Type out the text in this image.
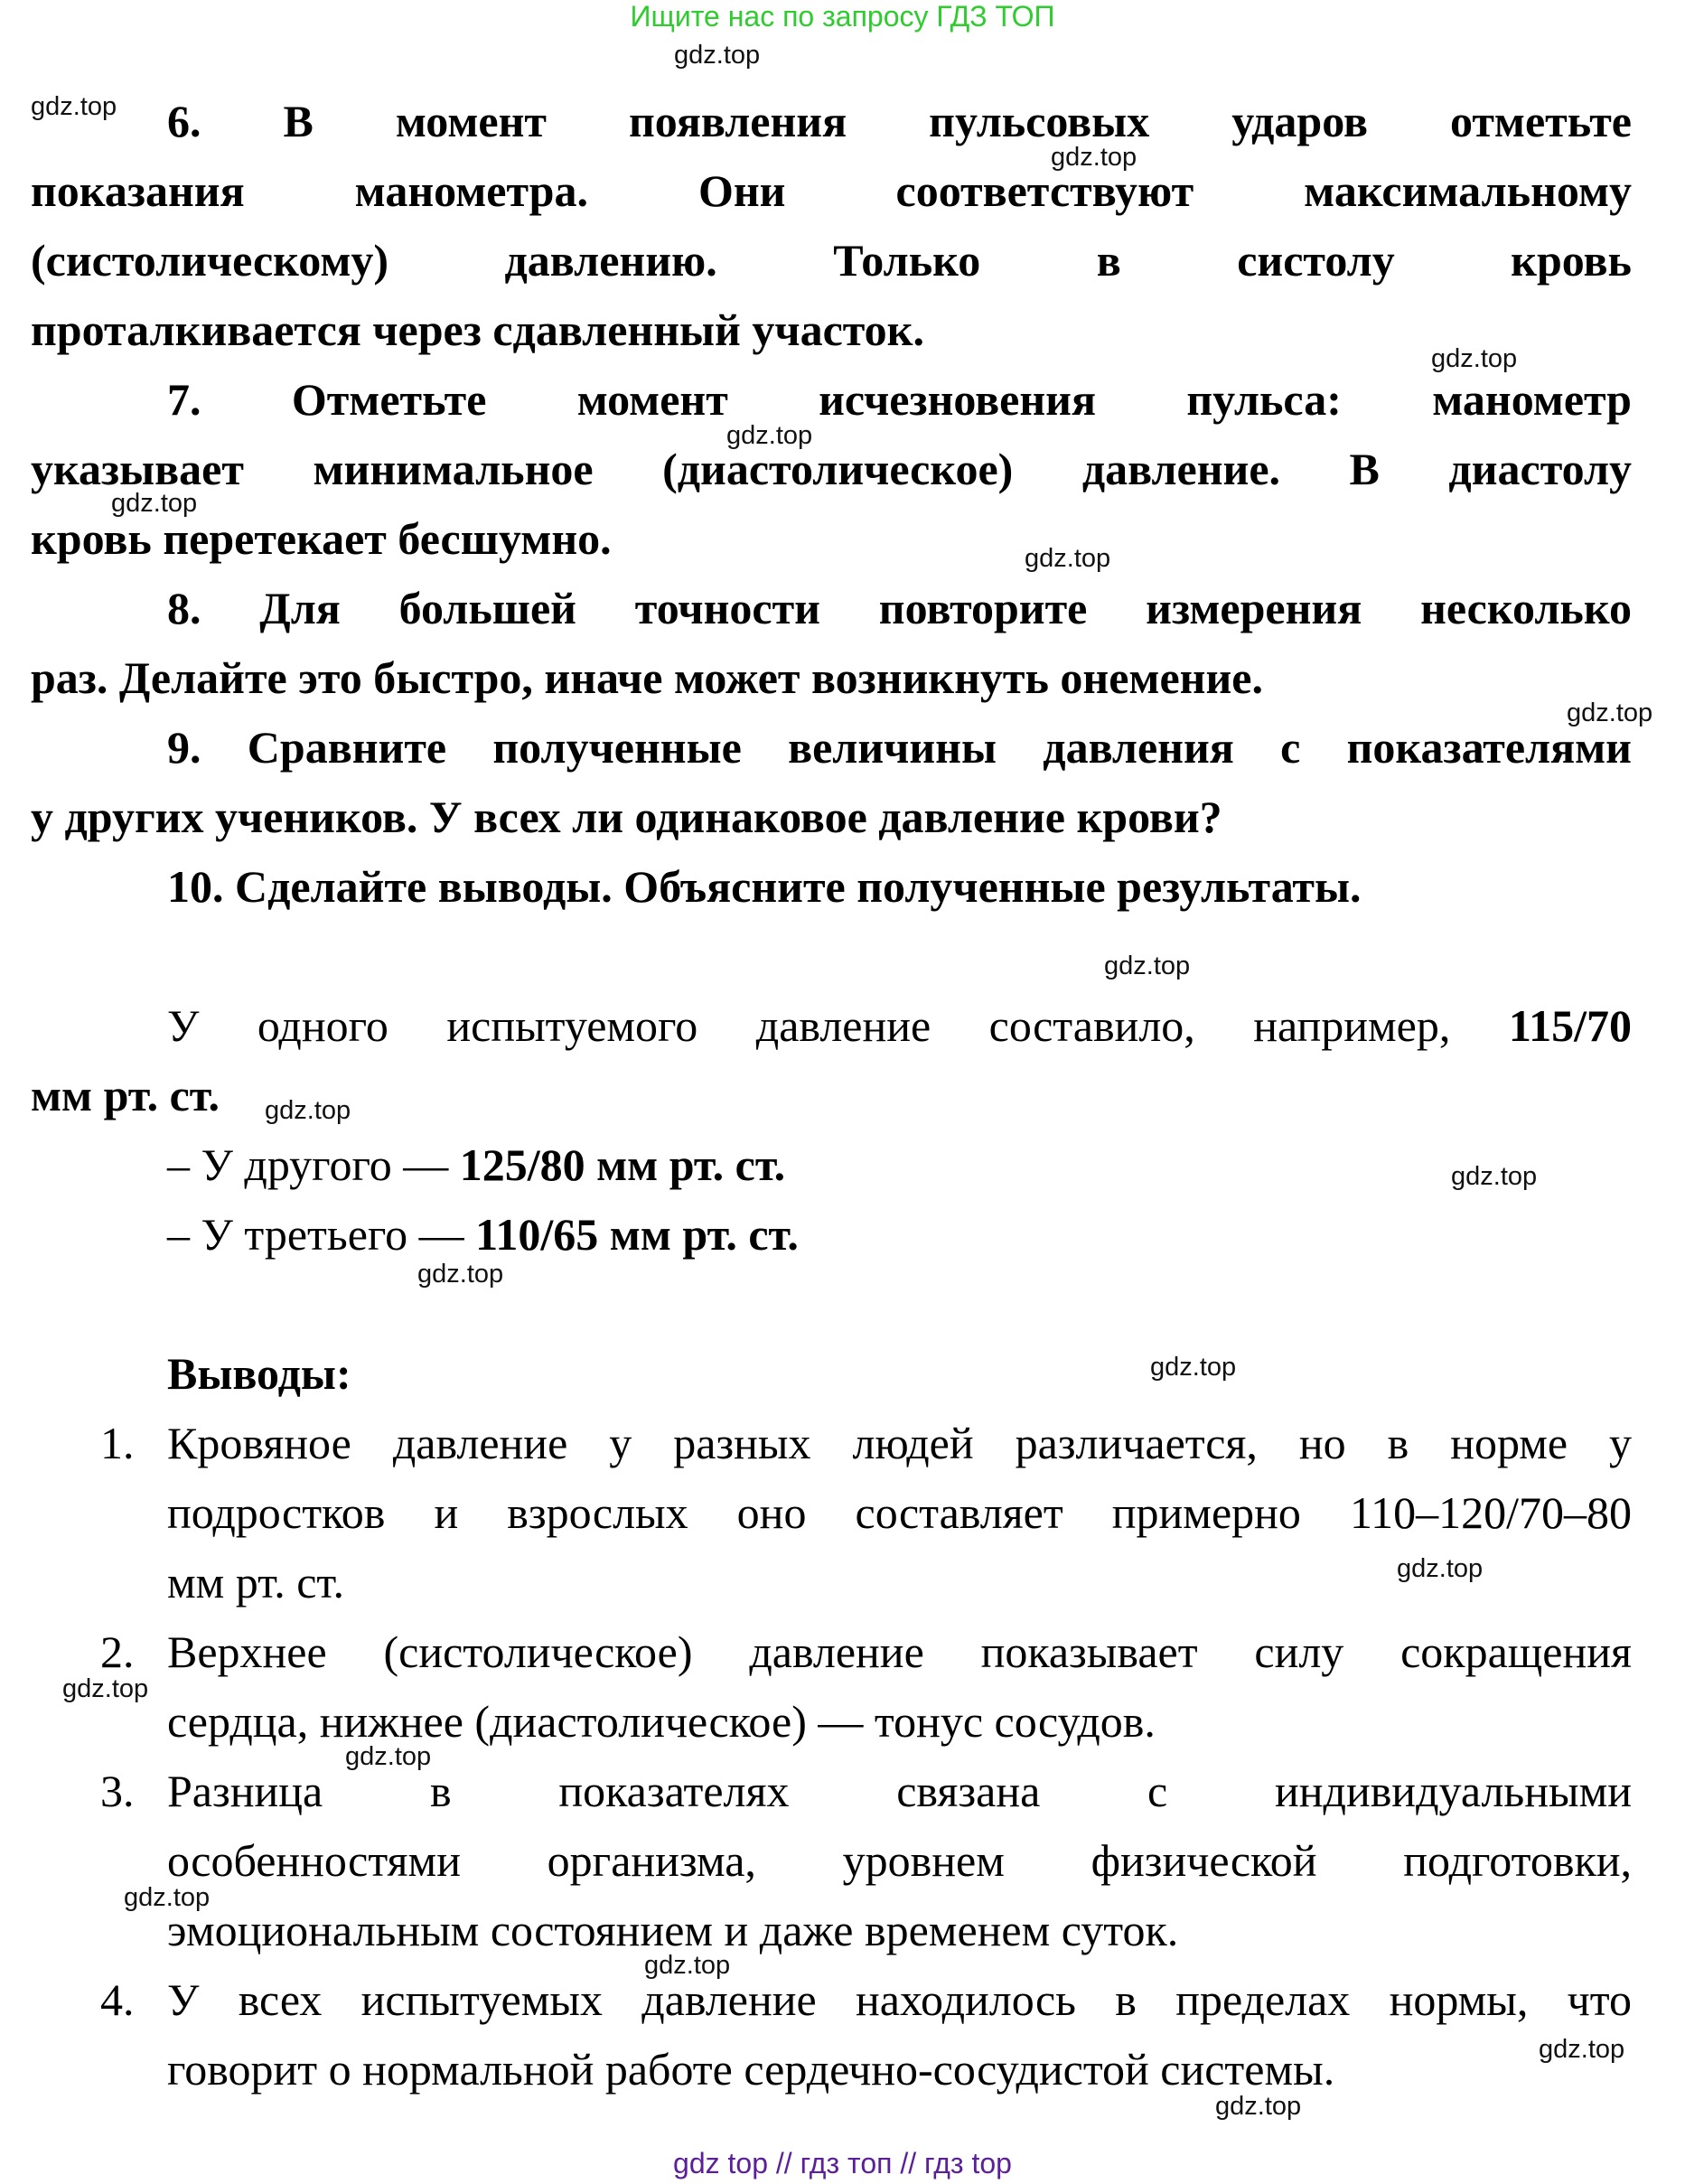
Ищите нас по запросу ГДЗ ТОП
6. В момент появления пульсовых ударов отметьте
показания манометра. Они соответствуют максимальному
(систолическому) давлению. Только в систолу кровь
проталкивается через сдавленный участок.
7. Отметьте момент исчезновения пульса: манометр
указывает минимальное (диастолическое) давление. В диастолу
кровь перетекает бесшумно.
8. Для большей точности повторите измерения несколько
раз. Делайте это быстро, иначе может возникнуть онемение.
9. Сравните полученные величины давления с показателями
у других учеников. У всех ли одинаковое давление крови?
10. Сделайте выводы. Объясните полученные результаты.
У одного испытуемого давление составило, например, 115/70
мм рт. ст.
– У другого — 125/80 мм рт. ст.
– У третьего — 110/65 мм рт. ст.
Выводы:
1. Кровяное давление у разных людей различается, но в норме у
подростков и взрослых оно составляет примерно 110–120/70–80
мм рт. ст.
2. Верхнее (систолическое) давление показывает силу сокращения
сердца, нижнее (диастолическое) — тонус сосудов.
3. Разница в показателях связана с индивидуальными
особенностями организма, уровнем физической подготовки,
эмоциональным состоянием и даже временем суток.
4. У всех испытуемых давление находилось в пределах нормы, что
говорит о нормальной работе сердечно-сосудистой системы.
gdz.top
gdz.top
gdz.top
gdz.top
gdz.top
gdz.top
gdz.top
gdz.top
gdz.top
gdz.top
gdz.top
gdz.top
gdz.top
gdz.top
gdz.top
gdz.top
gdz.top
gdz.top
gdz.top
gdz.top
gdz top // гдз топ // гдз top
